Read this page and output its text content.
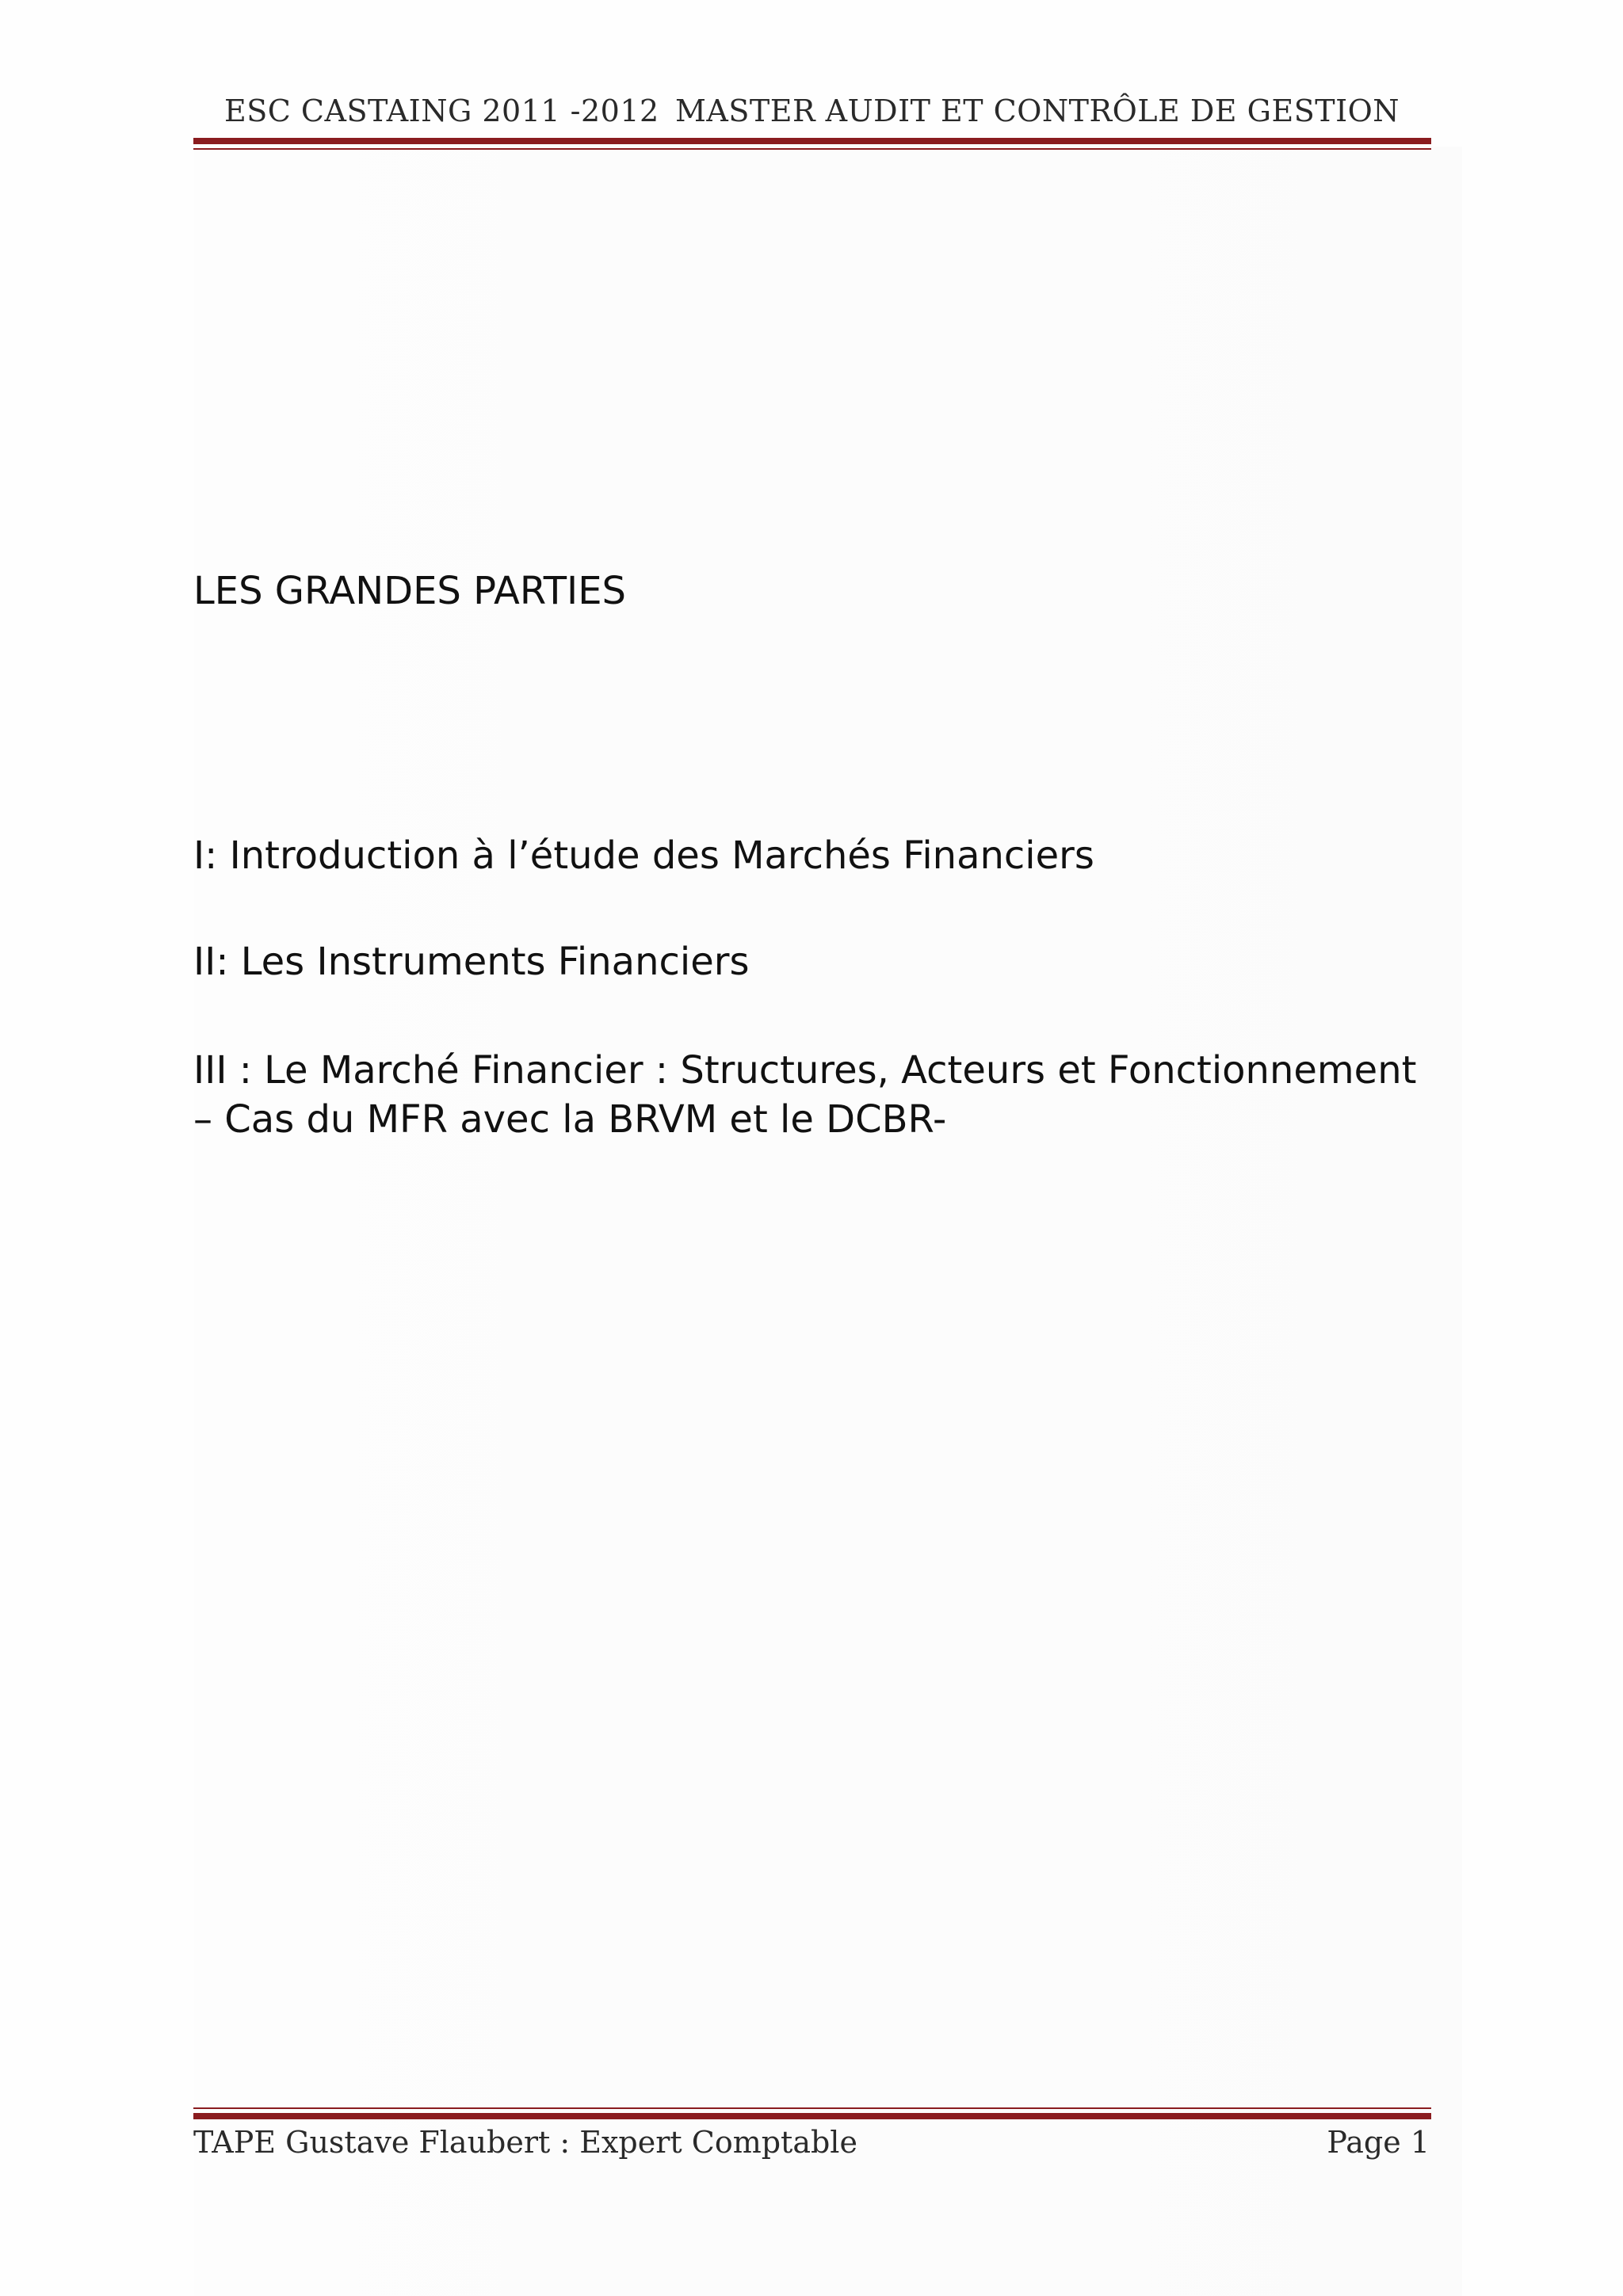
ESC CASTAING 2011 -2012 MASTER AUDIT ET CONTRÔLE DE GESTION
LES GRANDES PARTIES
I: Introduction à l’étude des Marchés Financiers
II: Les Instruments Financiers
III : Le Marché Financier : Structures, Acteurs et Fonctionnement – Cas du MFR avec la BRVM et le DCBR-
TAPE Gustave Flaubert : Expert Comptable	Page 1
